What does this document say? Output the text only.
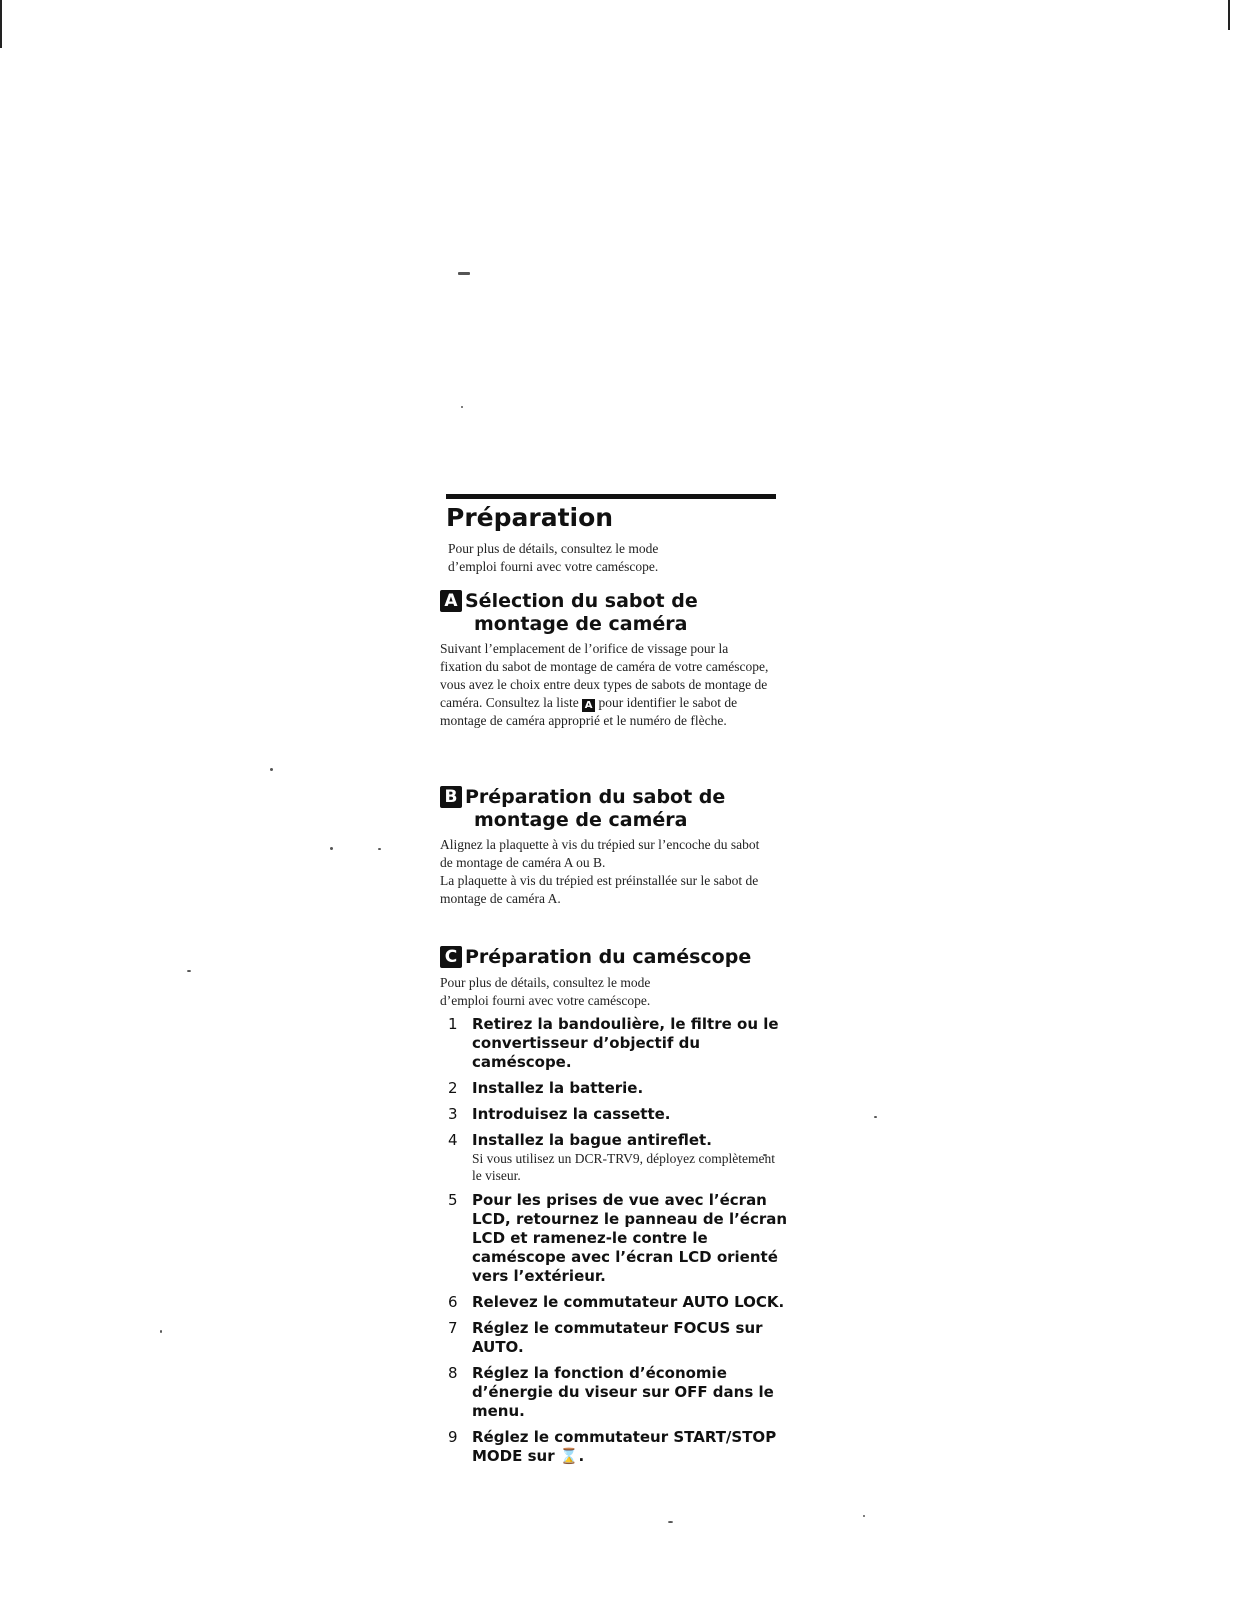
Préparation

Pour plus de détails, consultez le mode

d’emploi fourni avec votre caméscope.

A Sélection du sabot de
montage de caméra

Suivant l’emplacement de l’orifice de vissage pour la fixation du sabot de montage de caméra de votre caméscope, vous avez le choix entre deux types de sabots de montage de caméra. Consultez la liste A pour identifier le sabot de montage de caméra approprié et le numéro de flèche.

B Préparation du sabot de
montage de caméra

Alignez la plaquette à vis du trépied sur l’encoche du sabot de montage de caméra A ou B.

La plaquette à vis du trépied est préinstallée sur le sabot de montage de caméra A.

C Préparation du caméscope

Pour plus de détails, consultez le mode

d’emploi fourni avec votre caméscope.

1 Retirez la bandoulière, le filtre ou le convertisseur d’objectif du caméscope.
2 Installez la batterie.
3 Introduisez la cassette.
4 Installez la bague antireflet.
Si vous utilisez un DCR-TRV9, déployez complètement le viseur.
5 Pour les prises de vue avec l’écran LCD, retournez le panneau de l’écran LCD et ramenez-le contre le caméscope avec l’écran LCD orienté vers l’extérieur.
6 Relevez le commutateur AUTO LOCK.
7 Réglez le commutateur FOCUS sur AUTO.
8 Réglez la fonction d’économie d’énergie du viseur sur OFF dans le menu.
9 Réglez le commutateur START/STOP MODE sur ⌛.
